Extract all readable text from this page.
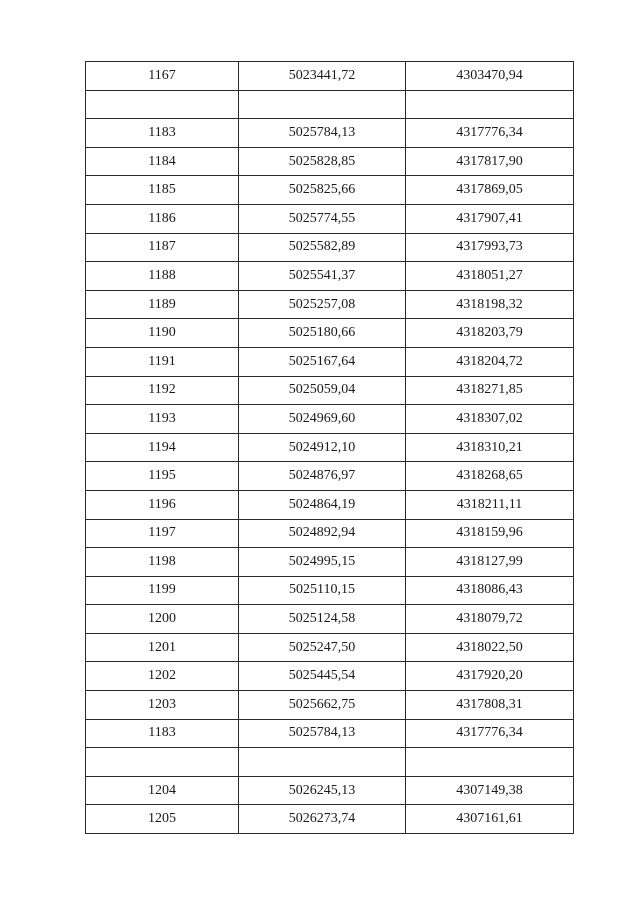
1167	5023441,72	4303470,94

1183	5025784,13	4317776,34
1184	5025828,85	4317817,90
1185	5025825,66	4317869,05
1186	5025774,55	4317907,41
1187	5025582,89	4317993,73
1188	5025541,37	4318051,27
1189	5025257,08	4318198,32
1190	5025180,66	4318203,79
1191	5025167,64	4318204,72
1192	5025059,04	4318271,85
1193	5024969,60	4318307,02
1194	5024912,10	4318310,21
1195	5024876,97	4318268,65
1196	5024864,19	4318211,11
1197	5024892,94	4318159,96
1198	5024995,15	4318127,99
1199	5025110,15	4318086,43
1200	5025124,58	4318079,72
1201	5025247,50	4318022,50
1202	5025445,54	4317920,20
1203	5025662,75	4317808,31
1183	5025784,13	4317776,34

1204	5026245,13	4307149,38
1205	5026273,74	4307161,61
